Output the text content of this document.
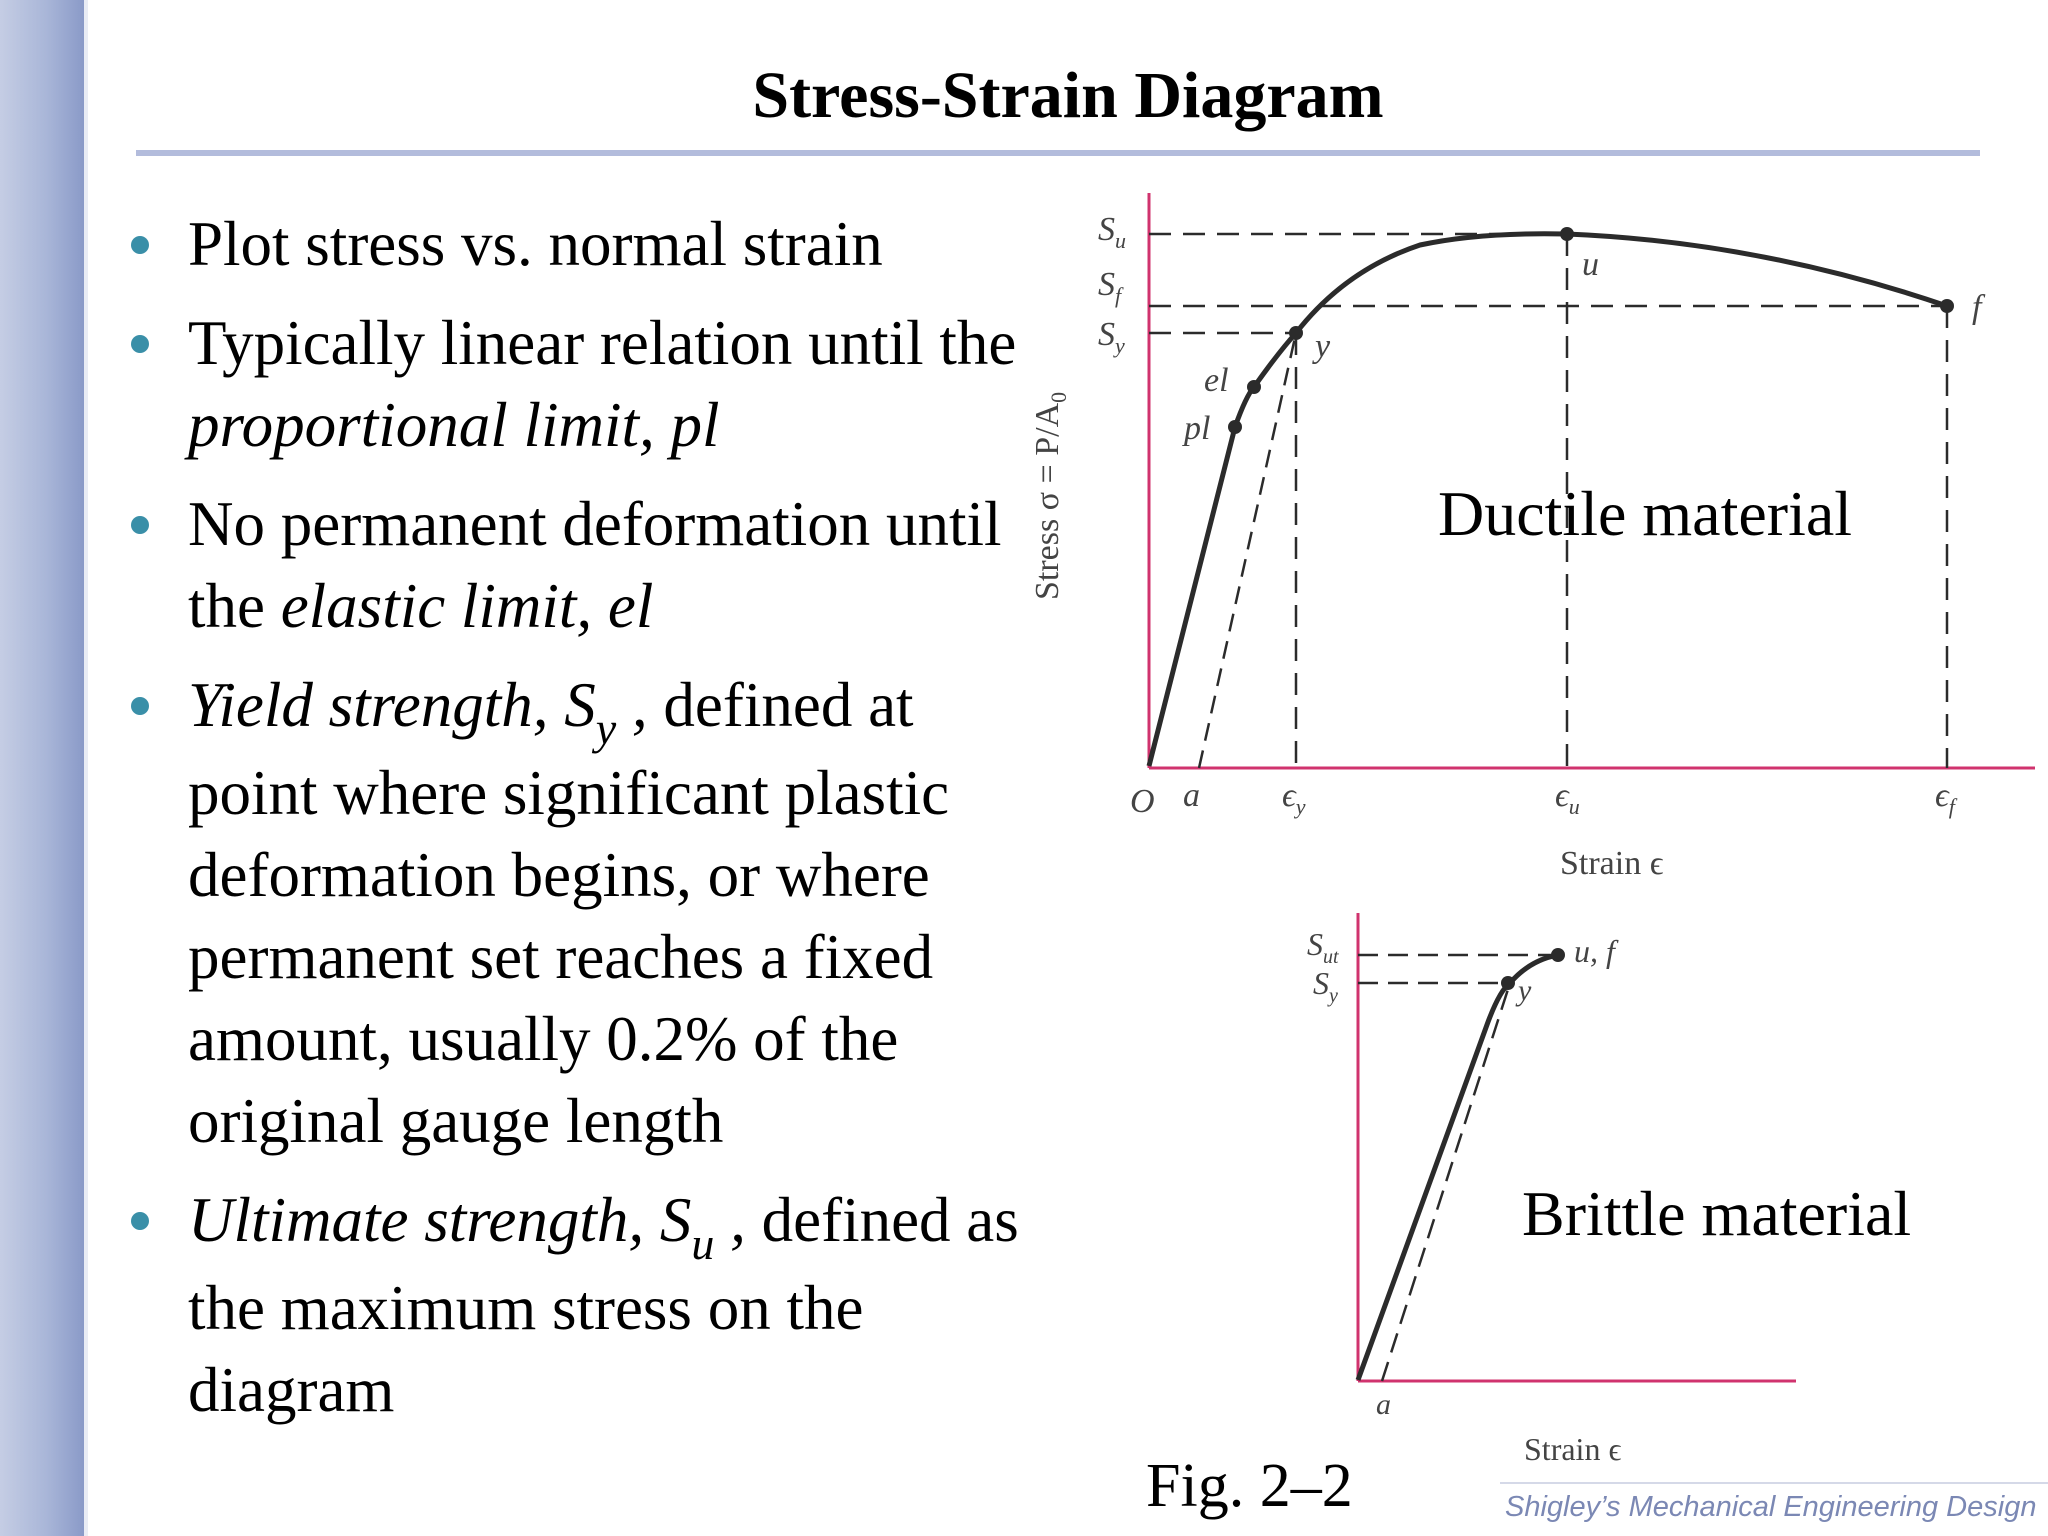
Stress-Strain Diagram
Plot stress vs. normal strain
Typically linear relation until the proportional limit, pl
No permanent deformation until the elastic limit, el
Yield strength, $S_y$ , defined at point where significant plastic deformation begins, or where permanent set reaches a fixed amount, usually 0.2% of the original gauge length
Ultimate strength, $S_u$ , defined as the maximum stress on the diagram
$S_u$
$S_f$
$S_y$
O a $\epsilon_y$	$\epsilon_u$	$\epsilon_f$
u
f
y
el
pl
Strain ϵ
Stress $\sigma = P/A_0$
Ductile material
$S_{ut}$
$S_y$
u, f
y
a
Strain ϵ
Brittle material
Fig. 2–2	Shigley’s Mechanical Engineering Design
